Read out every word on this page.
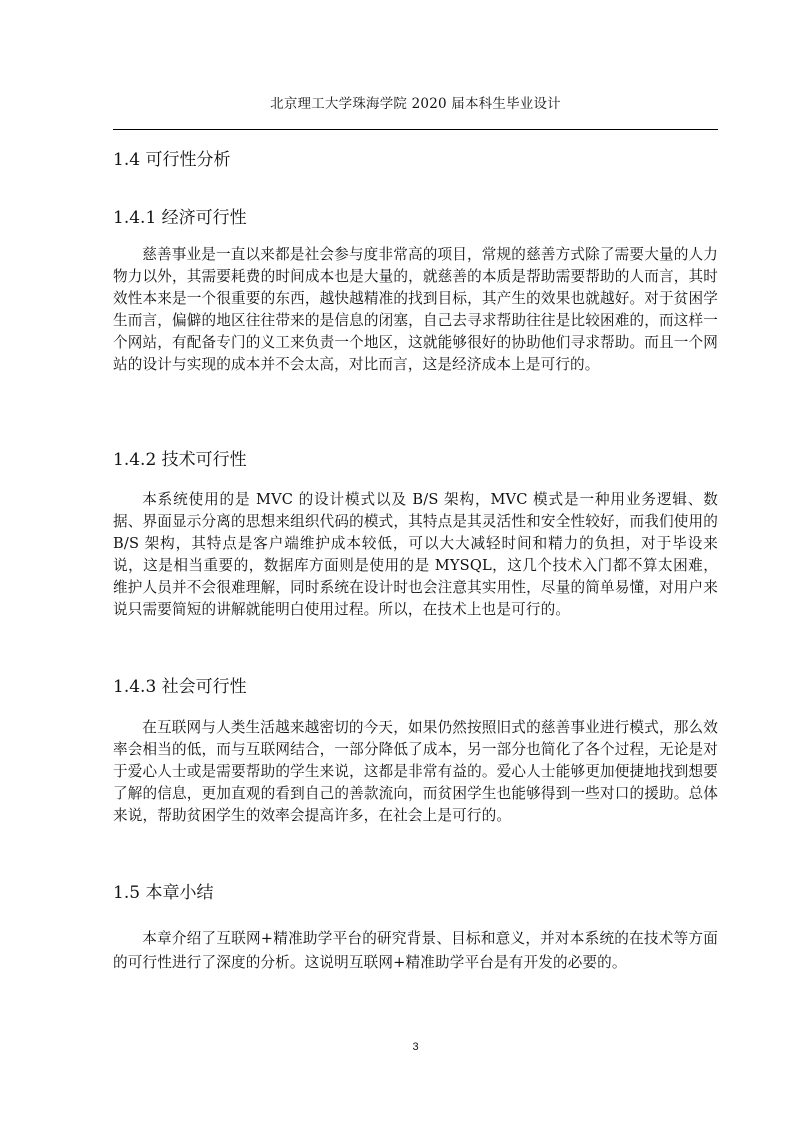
北京理工大学珠海学院 2020 届本科生毕业设计
1.4 可行性分析
1.4.1 经济可行性

慈善事业是一直以来都是社会参与度非常高的项目，常规的慈善方式除了需要大量的人力物力以外，其需要耗费的时间成本也是大量的，就慈善的本质是帮助需要帮助的人而言，其时效性本来是一个很重要的东西，越快越精准的找到目标，其产生的效果也就越好。对于贫困学生而言，偏僻的地区往往带来的是信息的闭塞，自己去寻求帮助往往是比较困难的，而这样一个网站，有配备专门的义工来负责一个地区，这就能够很好的协助他们寻求帮助。而且一个网站的设计与实现的成本并不会太高，对比而言，这是经济成本上是可行的。

1.4.2 技术可行性

本系统使用的是 MVC 的设计模式以及 B/S 架构，MVC 模式是一种用业务逻辑、数据、界面显示分离的思想来组织代码的模式，其特点是其灵活性和安全性较好，而我们使用的 B/S 架构，其特点是客户端维护成本较低，可以大大减轻时间和精力的负担，对于毕设来说，这是相当重要的，数据库方面则是使用的是 MYSQL，这几个技术入门都不算太困难，维护人员并不会很难理解，同时系统在设计时也会注意其实用性，尽量的简单易懂，对用户来说只需要简短的讲解就能明白使用过程。所以，在技术上也是可行的。

1.4.3 社会可行性

在互联网与人类生活越来越密切的今天，如果仍然按照旧式的慈善事业进行模式，那么效率会相当的低，而与互联网结合，一部分降低了成本，另一部分也简化了各个过程，无论是对于爱心人士或是需要帮助的学生来说，这都是非常有益的。爱心人士能够更加便捷地找到想要了解的信息，更加直观的看到自己的善款流向，而贫困学生也能够得到一些对口的援助。总体来说，帮助贫困学生的效率会提高许多，在社会上是可行的。

1.5 本章小结

本章介绍了互联网+精准助学平台的研究背景、目标和意义，并对本系统的在技术等方面的可行性进行了深度的分析。这说明互联网+精准助学平台是有开发的必要的。

3
